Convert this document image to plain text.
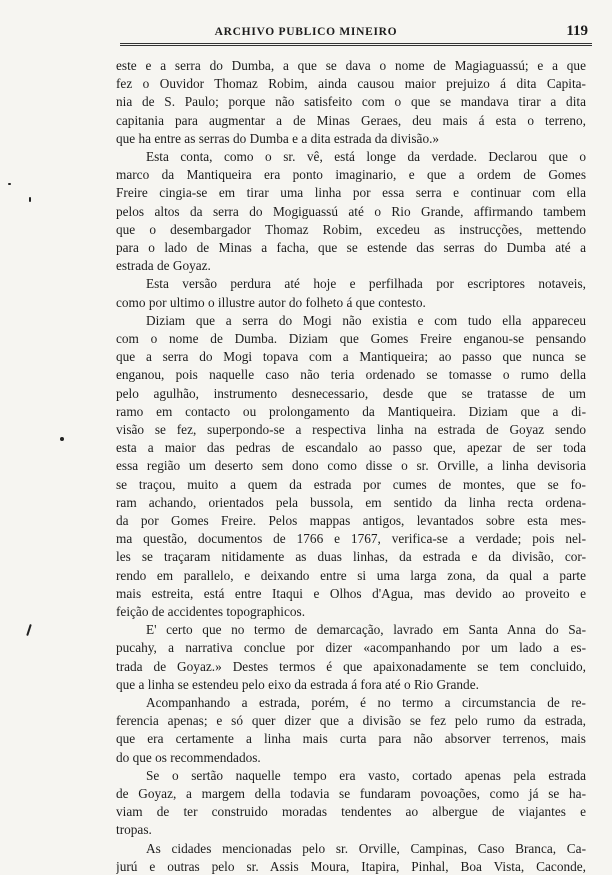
ARCHIVO PUBLICO MINEIRO	119
este e a serra do Dumba, a que se dava o nome de Magiaguassú; e a que
fez o Ouvidor Thomaz Robim, ainda causou maior prejuizo á dita Capita-
nia de S. Paulo; porque não satisfeito com o que se mandava tirar a dita
capitania para augmentar a de Minas Geraes, deu mais á esta o terreno,
que ha entre as serras do Dumba e a dita estrada da divisão.»
Esta conta, como o sr. vê, está longe da verdade. Declarou que o
marco da Mantiqueira era ponto imaginario, e que a ordem de Gomes
Freire cingia-se em tirar uma linha por essa serra e continuar com ella
pelos altos da serra do Mogiguassú até o Rio Grande, affirmando tambem
que o desembargador Thomaz Robim, excedeu as instrucções, mettendo
para o lado de Minas a facha, que se estende das serras do Dumba até a
estrada de Goyaz.
Esta versão perdura até hoje e perfilhada por escriptores notaveis,
como por ultimo o illustre autor do folheto á que contesto.
Diziam que a serra do Mogi não existia e com tudo ella appareceu
com o nome de Dumba. Diziam que Gomes Freire enganou-se pensando
que a serra do Mogi topava com a Mantiqueira; ao passo que nunca se
enganou, pois naquelle caso não teria ordenado se tomasse o rumo della
pelo agulhão, instrumento desnecessario, desde que se tratasse de um
ramo em contacto ou prolongamento da Mantiqueira. Diziam que a di-
visão se fez, superpondo-se a respectiva linha na estrada de Goyaz sendo
esta a maior das pedras de escandalo ao passo que, apezar de ser toda
essa região um deserto sem dono como disse o sr. Orville, a linha devisoria
se traçou, muito a quem da estrada por cumes de montes, que se fo-
ram achando, orientados pela bussola, em sentido da linha recta ordena-
da por Gomes Freire. Pelos mappas antigos, levantados sobre esta mes-
ma questão, documentos de 1766 e 1767, verifica-se a verdade; pois nel-
les se traçaram nitidamente as duas linhas, da estrada e da divisão, cor-
rendo em parallelo, e deixando entre si uma larga zona, da qual a parte
mais estreita, está entre Itaqui e Olhos d'Agua, mas devido ao proveito e
feição de accidentes topographicos.
E' certo que no termo de demarcação, lavrado em Santa Anna do Sa-
pucahy, a narrativa conclue por dizer «acompanhando por um lado a es-
trada de Goyaz.» Destes termos é que apaixonadamente se tem concluido,
que a linha se estendeu pelo eixo da estrada á fora até o Rio Grande.
Acompanhando a estrada, porém, é no termo a circumstancia de re-
ferencia apenas; e só quer dizer que a divisão se fez pelo rumo da estrada,
que era certamente a linha mais curta para não absorver terrenos, mais
do que os recommendados.
Se o sertão naquelle tempo era vasto, cortado apenas pela estrada
de Goyaz, a margem della todavia se fundaram povoações, como já se ha-
viam de ter construido moradas tendentes ao albergue de viajantes e
tropas.
As cidades mencionadas pelo sr. Orville, Campinas, Caso Branca, Ca-
jurú e outras pelo sr. Assis Moura, Itapira, Pinhal, Boa Vista, Caconde,
